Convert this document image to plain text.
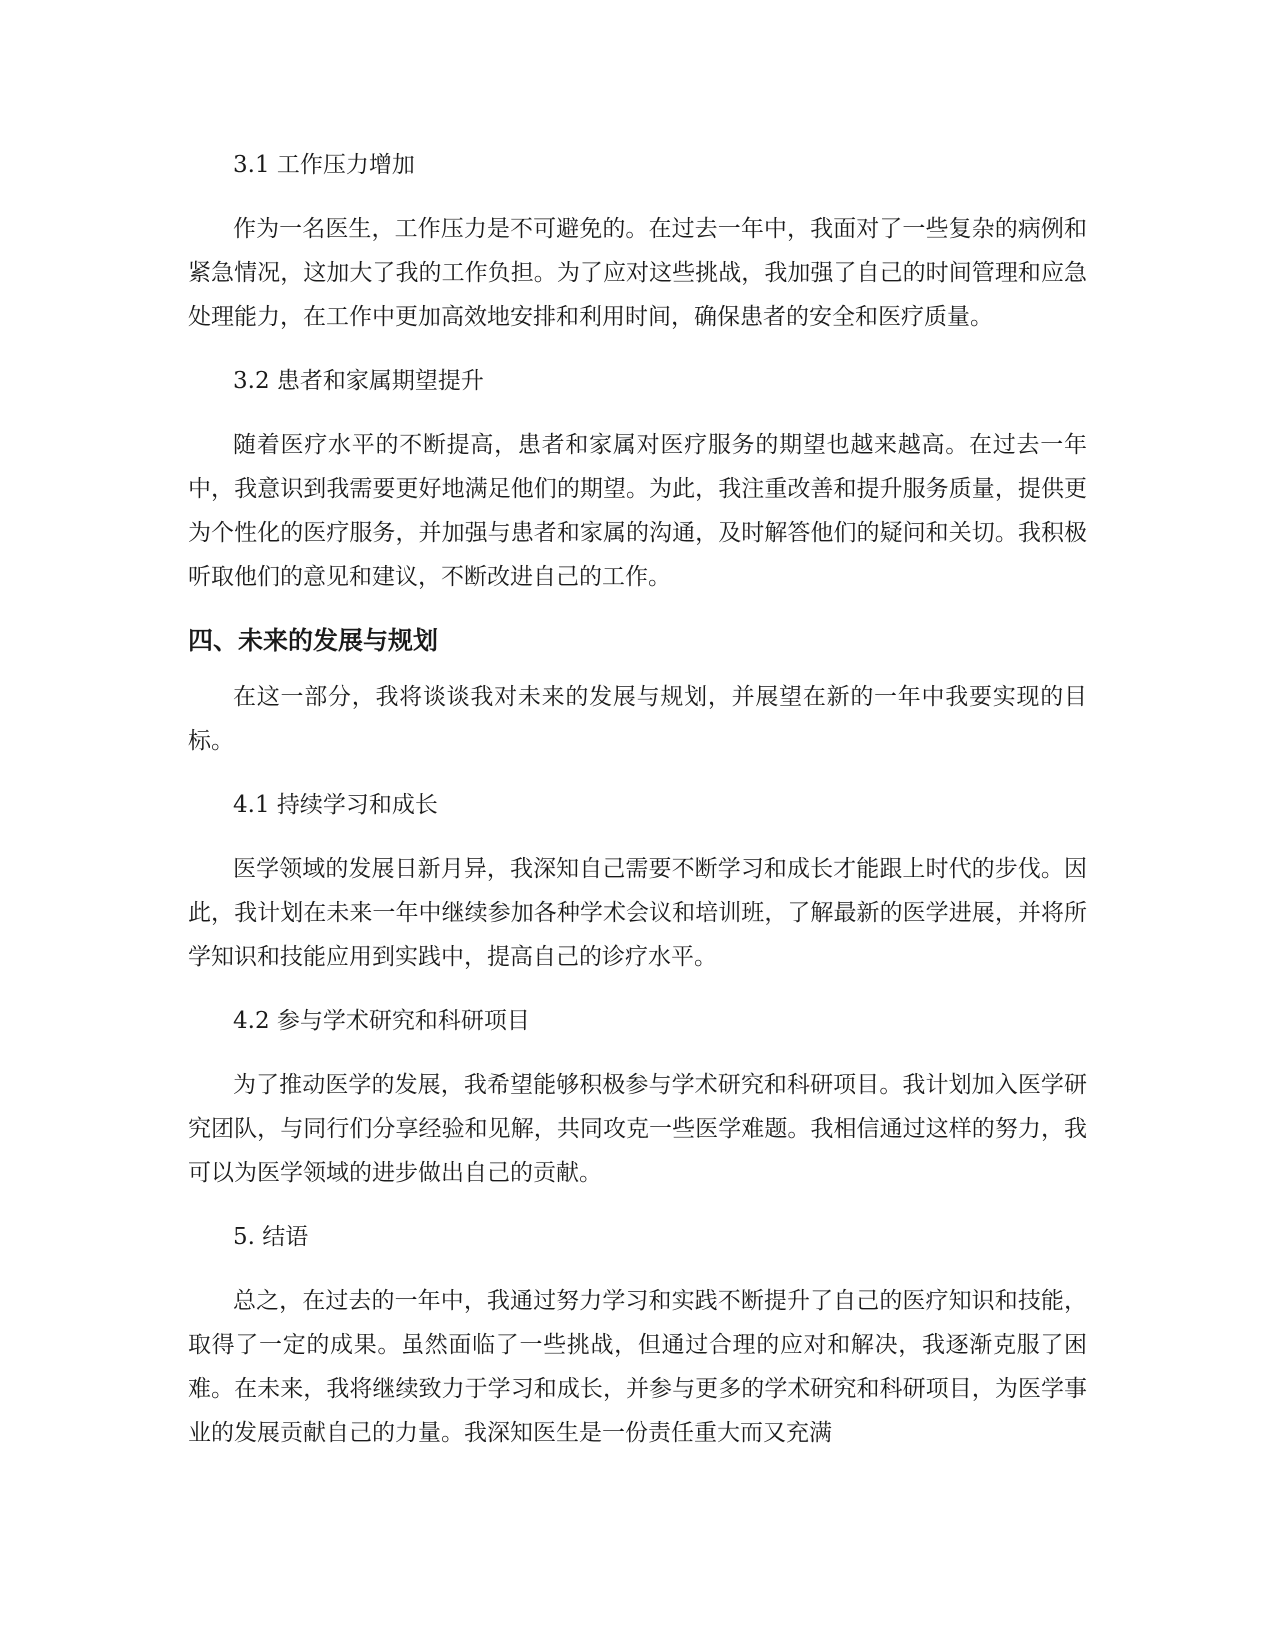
3.1 工作压力增加

作为一名医生，工作压力是不可避免的。在过去一年中，我面对了一些复杂的病例和紧急情况，这加大了我的工作负担。为了应对这些挑战，我加强了自己的时间管理和应急处理能力，在工作中更加高效地安排和利用时间，确保患者的安全和医疗质量。

3.2 患者和家属期望提升

随着医疗水平的不断提高，患者和家属对医疗服务的期望也越来越高。在过去一年中，我意识到我需要更好地满足他们的期望。为此，我注重改善和提升服务质量，提供更为个性化的医疗服务，并加强与患者和家属的沟通，及时解答他们的疑问和关切。我积极听取他们的意见和建议，不断改进自己的工作。

四、未来的发展与规划

在这一部分，我将谈谈我对未来的发展与规划，并展望在新的一年中我要实现的目标。

4.1 持续学习和成长

医学领域的发展日新月异，我深知自己需要不断学习和成长才能跟上时代的步伐。因此，我计划在未来一年中继续参加各种学术会议和培训班，了解最新的医学进展，并将所学知识和技能应用到实践中，提高自己的诊疗水平。

4.2 参与学术研究和科研项目

为了推动医学的发展，我希望能够积极参与学术研究和科研项目。我计划加入医学研究团队，与同行们分享经验和见解，共同攻克一些医学难题。我相信通过这样的努力，我可以为医学领域的进步做出自己的贡献。

5. 结语

总之，在过去的一年中，我通过努力学习和实践不断提升了自己的医疗知识和技能，取得了一定的成果。虽然面临了一些挑战，但通过合理的应对和解决，我逐渐克服了困难。在未来，我将继续致力于学习和成长，并参与更多的学术研究和科研项目，为医学事业的发展贡献自己的力量。我深知医生是一份责任重大而又充满
